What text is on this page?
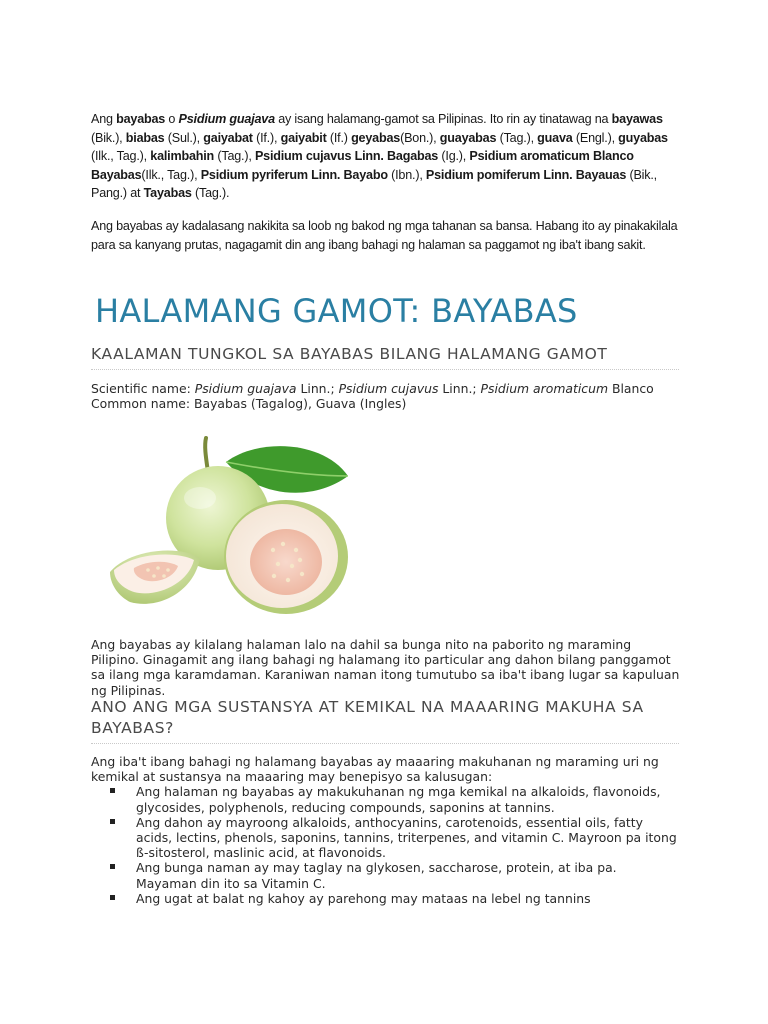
Ang bayabas o Psidium guajava ay isang halamang-gamot sa Pilipinas. Ito rin ay tinatawag na bayawas (Bik.), biabas (Sul.), gaiyabat (If.), gaiyabit (If.) geyabas(Bon.), guayabas (Tag.), guava (Engl.), guyabas (Ilk., Tag.), kalimbahin (Tag.), Psidium cujavus Linn. Bagabas (Ig.), Psidium aromaticum Blanco Bayabas(Ilk., Tag.), Psidium pyriferum Linn. Bayabo (Ibn.), Psidium pomiferum Linn. Bayauas (Bik., Pang.) at Tayabas (Tag.).

Ang bayabas ay kadalasang nakikita sa loob ng bakod ng mga tahanan sa bansa. Habang ito ay pinakakilala para sa kanyang prutas, nagagamit din ang ibang bahagi ng halaman sa paggamot ng iba't ibang sakit.

HALAMANG GAMOT: BAYABAS
KAALAMAN TUNGKOL SA BAYABAS BILANG HALAMANG GAMOT

Scientific name: Psidium guajava Linn.; Psidium cujavus Linn.; Psidium aromaticum Blanco

Common name: Bayabas (Tagalog), Guava (Ingles)

Ang bayabas ay kilalang halaman lalo na dahil sa bunga nito na paborito ng maraming Pilipino. Ginagamit ang ilang bahagi ng halamang ito particular ang dahon bilang panggamot sa ilang mga karamdaman. Karaniwan naman itong tumutubo sa iba't ibang lugar sa kapuluan ng Pilipinas.

ANO ANG MGA SUSTANSYA AT KEMIKAL NA MAAARING MAKUHA SA BAYABAS?

Ang iba't ibang bahagi ng halamang bayabas ay maaaring makuhanan ng maraming uri ng kemikal at sustansya na maaaring may benepisyo sa kalusugan:

Ang halaman ng bayabas ay makukuhanan ng mga kemikal na alkaloids, flavonoids, glycosides, polyphenols, reducing compounds, saponins at tannins.
Ang dahon ay mayroong alkaloids, anthocyanins, carotenoids, essential oils, fatty acids, lectins, phenols, saponins, tannins, triterpenes, and vitamin C. Mayroon pa itong ß-sitosterol, maslinic acid, at flavonoids.
Ang bunga naman ay may taglay na glykosen, saccharose, protein, at iba pa. Mayaman din ito sa Vitamin C.
Ang ugat at balat ng kahoy ay parehong may mataas na lebel ng tannins
